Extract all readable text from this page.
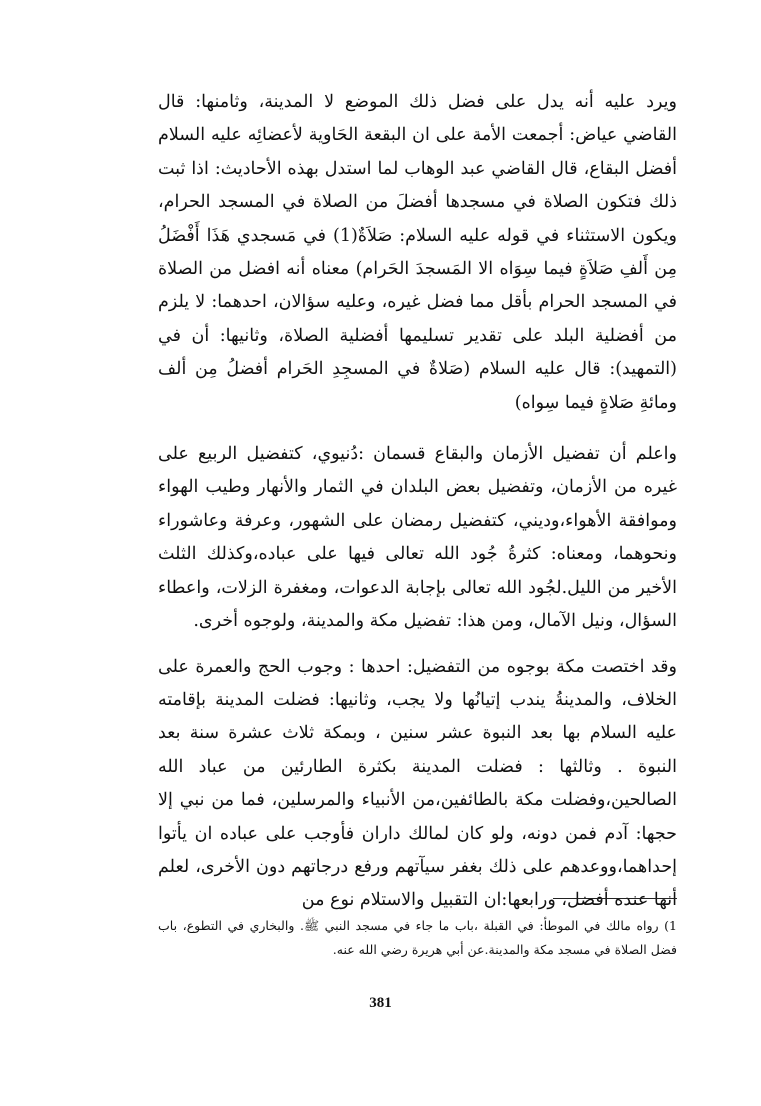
ويرد عليه أنه يدل على فضل ذلك الموضع لا المدينة، وثامنها: قال القاضي عياض: أجمعت الأمة على ان البقعة الحَاوية لأعضائِه عليه السلام أفضل البقاع، قال القاضي عبد الوهاب لما استدل بهذه الأحاديث: اذا ثبت ذلك فتكون الصلاة في مسجدها أفضلَ من الصلاة في المسجد الحرام، ويكون الاستثناء في قوله عليه السلام: صَلاَةٌ(1) في مَسجدي هَذَا أَفْضَلُ مِن أَلفِ صَلاَةٍ فيما سِوَاه الا المَسجدَ الحَرام) معناه أنه افضل من الصلاة في المسجد الحرام بأقل مما فضل غيره، وعليه سؤالان، احدهما: لا يلزم من أفضلية البلد على تقدير تسليمها أفضلية الصلاة، وثانيها: أن في (التمهيد): قال عليه السلام (صَلاةٌ في المسجِدِ الحَرام أفضلُ مِن ألف ومائةِ صَلاةٍ فيما سِواه)

واعلم أن تفضيل الأزمان والبقاع قسمان :دُنيوي، كتفضيل الربيع على غيره من الأزمان، وتفضيل بعض البلدان في الثمار والأنهار وطيب الهواء وموافقة الأهواء،وديني، كتفضيل رمضان على الشهور، وعرفة وعاشوراء ونحوهما، ومعناه: كثرةُ جُود الله تعالى فيها على عباده،وكذلك الثلث الأخير من الليل.لجُود الله تعالى بإجابة الدعوات، ومغفرة الزلات، واعطاء السؤال، ونيل الآمال، ومن هذا: تفضيل مكة والمدينة، ولوجوه أخرى.

وقد اختصت مكة بوجوه من التفضيل: احدها : وجوب الحج والعمرة على الخلاف، والمدينةُ يندب إتيانُها ولا يجب، وثانيها: فضلت المدينة بإقامته عليه السلام بها بعد النبوة عشر سنين ، وبمكة ثلاث عشرة سنة بعد النبوة . وثالثها : فضلت المدينة بكثرة الطارئين من عباد الله الصالحين،وفضلت مكة بالطائفين،من الأنبياء والمرسلين، فما من نبي إلا حجها: آدم فمن دونه، ولو كان لمالك داران فأوجب على عباده ان يأتوا إحداهما،ووعدهم على ذلك بغفر سيآتهم ورفع درجاتهم دون الأخرى، لعلم أنها عنده أفضل، ورابعها:ان التقبيل والاستلام نوع من

1) رواه مالك في الموطأ: في القبلة ،باب ما جاء في مسجد النبي ﷺ. والبخاري في التطوع، باب فضل الصلاة في مسجد مكة والمدينة.عن أبي هريرة رضي الله عنه.

381
